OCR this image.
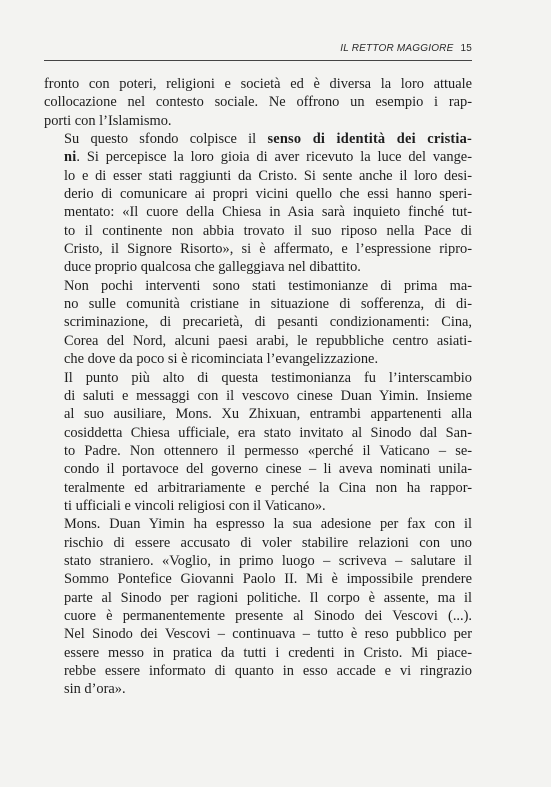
IL RETTOR MAGGIORE 15

fronto con poteri, religioni e società ed è diversa la loro attuale
collocazione nel contesto sociale. Ne offrono un esempio i rap-
porti con l’Islamismo.

Su questo sfondo colpisce il senso di identità dei cristia-
ni. Si percepisce la loro gioia di aver ricevuto la luce del vange-
lo e di esser stati raggiunti da Cristo. Si sente anche il loro desi-
derio di comunicare ai propri vicini quello che essi hanno speri-
mentato: «Il cuore della Chiesa in Asia sarà inquieto finché tut-
to il continente non abbia trovato il suo riposo nella Pace di
Cristo, il Signore Risorto», si è affermato, e l’espressione ripro-
duce proprio qualcosa che galleggiava nel dibattito.

Non pochi interventi sono stati testimonianze di prima ma-
no sulle comunità cristiane in situazione di sofferenza, di di-
scriminazione, di precarietà, di pesanti condizionamenti: Cina,
Corea del Nord, alcuni paesi arabi, le repubbliche centro asiati-
che dove da poco si è ricominciata l’evangelizzazione.

Il punto più alto di questa testimonianza fu l’interscambio
di saluti e messaggi con il vescovo cinese Duan Yimin. Insieme
al suo ausiliare, Mons. Xu Zhixuan, entrambi appartenenti alla
cosiddetta Chiesa ufficiale, era stato invitato al Sinodo dal San-
to Padre. Non ottennero il permesso «perché il Vaticano – se-
condo il portavoce del governo cinese – li aveva nominati unila-
teralmente ed arbitrariamente e perché la Cina non ha rappor-
ti ufficiali e vincoli religiosi con il Vaticano».

Mons. Duan Yimin ha espresso la sua adesione per fax con il
rischio di essere accusato di voler stabilire relazioni con uno
stato straniero. «Voglio, in primo luogo – scriveva – salutare il
Sommo Pontefice Giovanni Paolo II. Mi è impossibile prendere
parte al Sinodo per ragioni politiche. Il corpo è assente, ma il
cuore è permanentemente presente al Sinodo dei Vescovi (...).
Nel Sinodo dei Vescovi – continuava – tutto è reso pubblico per
essere messo in pratica da tutti i credenti in Cristo. Mi piace-
rebbe essere informato di quanto in esso accade e vi ringrazio
sin d’ora».
